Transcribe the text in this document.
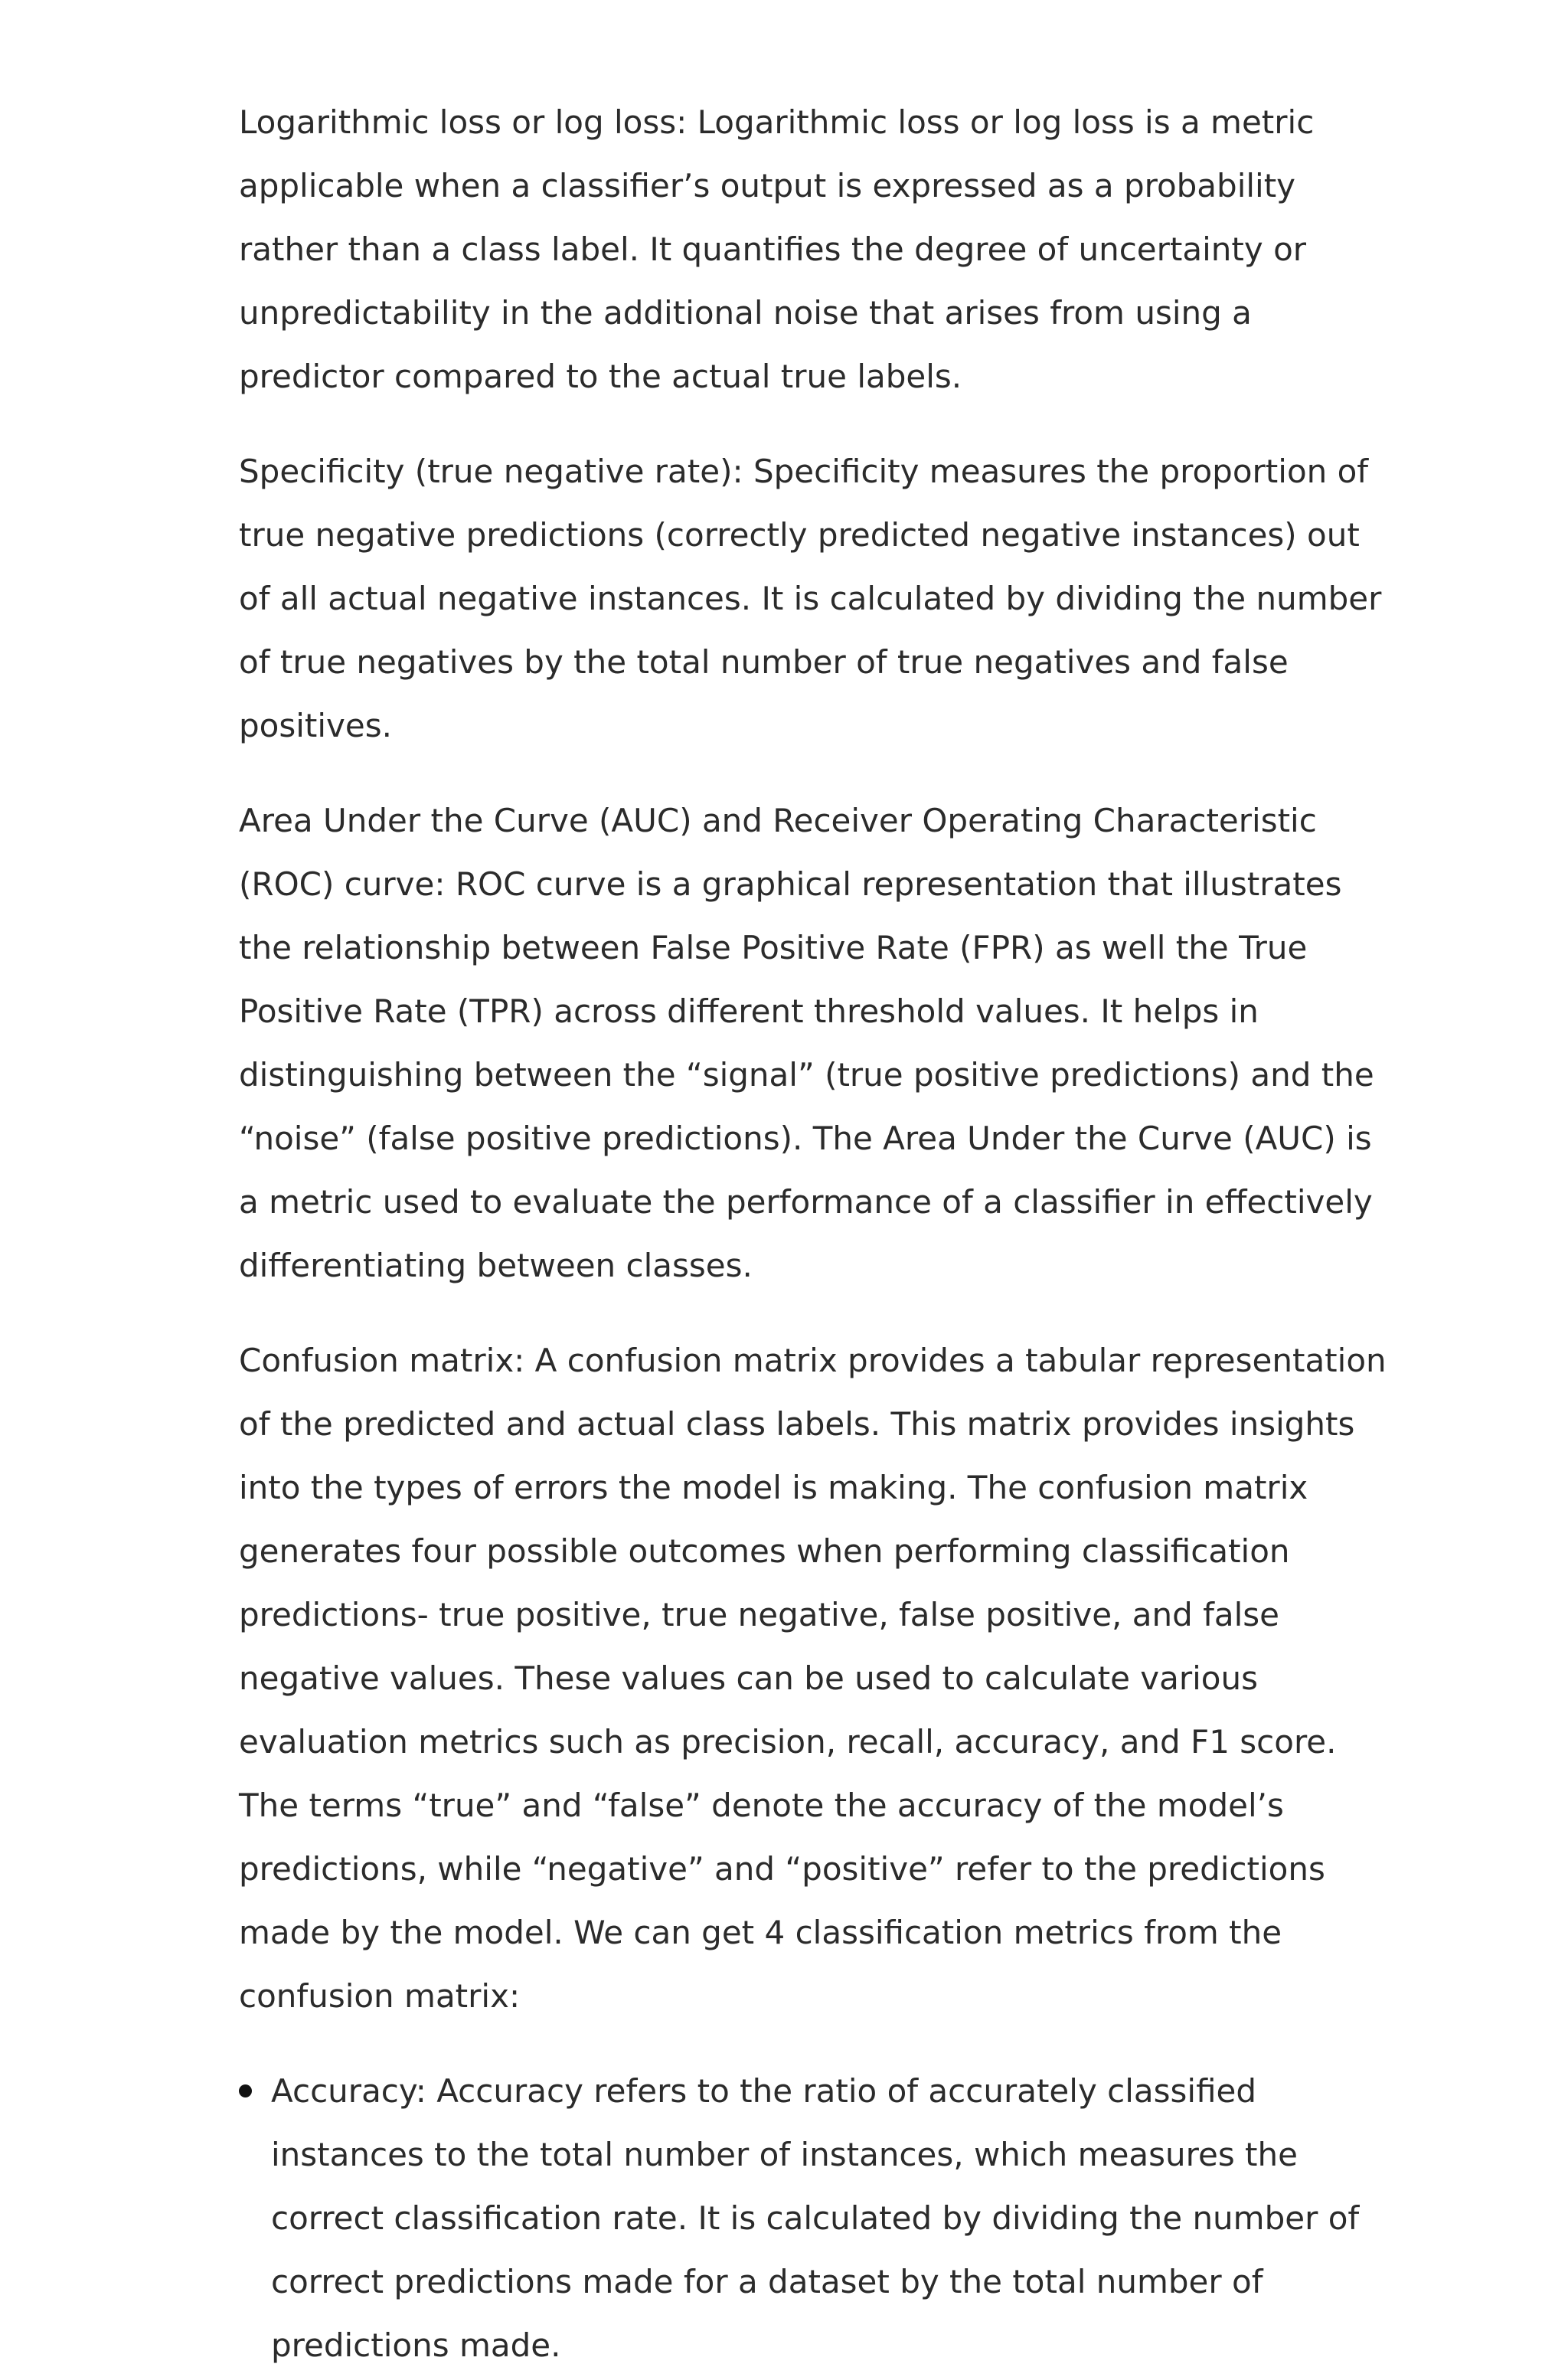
Logarithmic loss or log loss: Logarithmic loss or log loss is a metric applicable when a classifier’s output is expressed as a probability rather than a class label. It quantifies the degree of uncertainty or unpredictability in the additional noise that arises from using a predictor compared to the actual true labels.

Specificity (true negative rate): Specificity measures the proportion of true negative predictions (correctly predicted negative instances) out of all actual negative instances. It is calculated by dividing the number of true negatives by the total number of true negatives and false positives.

Area Under the Curve (AUC) and Receiver Operating Characteristic (ROC) curve: ROC curve is a graphical representation that illustrates the relationship between False Positive Rate (FPR) as well the True Positive Rate (TPR) across different threshold values. It helps in distinguishing between the “signal” (true positive predictions) and the “noise” (false positive predictions). The Area Under the Curve (AUC) is a metric used to evaluate the performance of a classifier in effectively differentiating between classes.

Confusion matrix: A confusion matrix provides a tabular representation of the predicted and actual class labels. This matrix provides insights into the types of errors the model is making. The confusion matrix generates four possible outcomes when performing classification predictions- true positive, true negative, false positive, and false negative values. These values can be used to calculate various evaluation metrics such as precision, recall, accuracy, and F1 score. The terms “true” and “false” denote the accuracy of the model’s predictions, while “negative” and “positive” refer to the predictions made by the model. We can get 4 classification metrics from the confusion matrix:

Accuracy: Accuracy refers to the ratio of accurately classified instances to the total number of instances, which measures the correct classification rate. It is calculated by dividing the number of correct predictions made for a dataset by the total number of predictions made.
